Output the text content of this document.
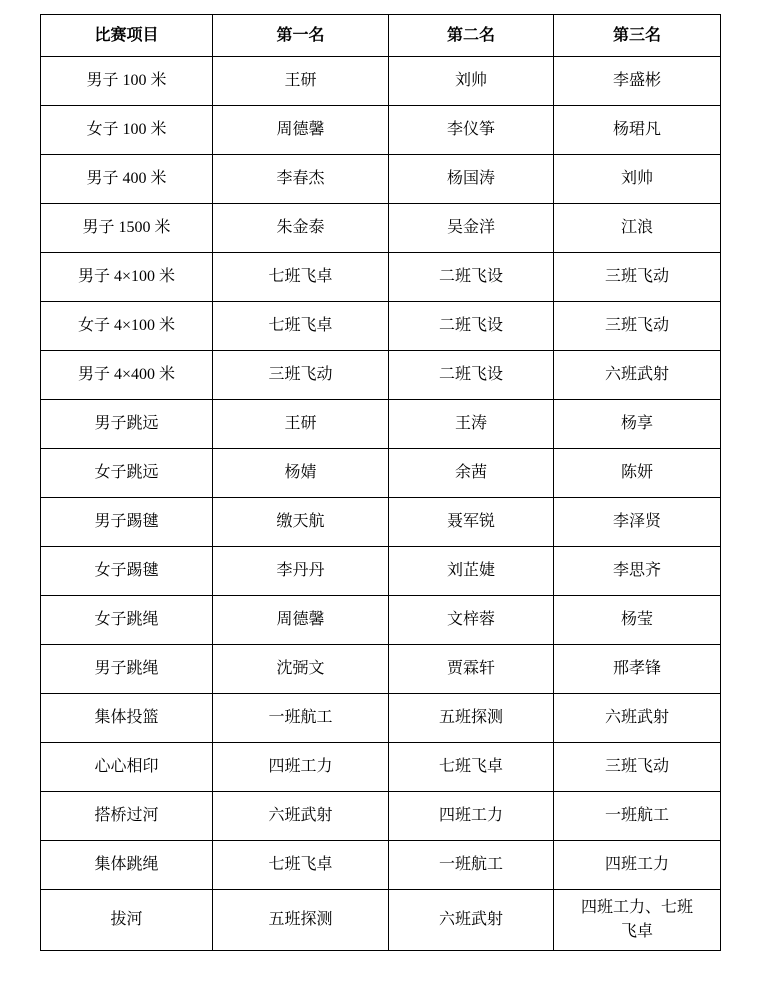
比赛项目	第一名	第二名	第三名
男子 100 米	王研	刘帅	李盛彬
女子 100 米	周德馨	李仪筝	杨珺凡
男子 400 米	李春杰	杨国涛	刘帅
男子 1500 米	朱金泰	吴金洋	江浪
男子 4×100 米	七班飞卓	二班飞设	三班飞动
女子 4×100 米	七班飞卓	二班飞设	三班飞动
男子 4×400 米	三班飞动	二班飞设	六班武射
男子跳远	王研	王涛	杨享
女子跳远	杨婧	余茜	陈妍
男子踢毽	缴天航	聂军锐	李泽贤
女子踢毽	李丹丹	刘芷婕	李思齐
女子跳绳	周德馨	文梓蓉	杨莹
男子跳绳	沈弼文	贾霖轩	邢孝锋
集体投篮	一班航工	五班探测	六班武射
心心相印	四班工力	七班飞卓	三班飞动
搭桥过河	六班武射	四班工力	一班航工
集体跳绳	七班飞卓	一班航工	四班工力
拔河	五班探测	六班武射	四班工力、七班飞卓
